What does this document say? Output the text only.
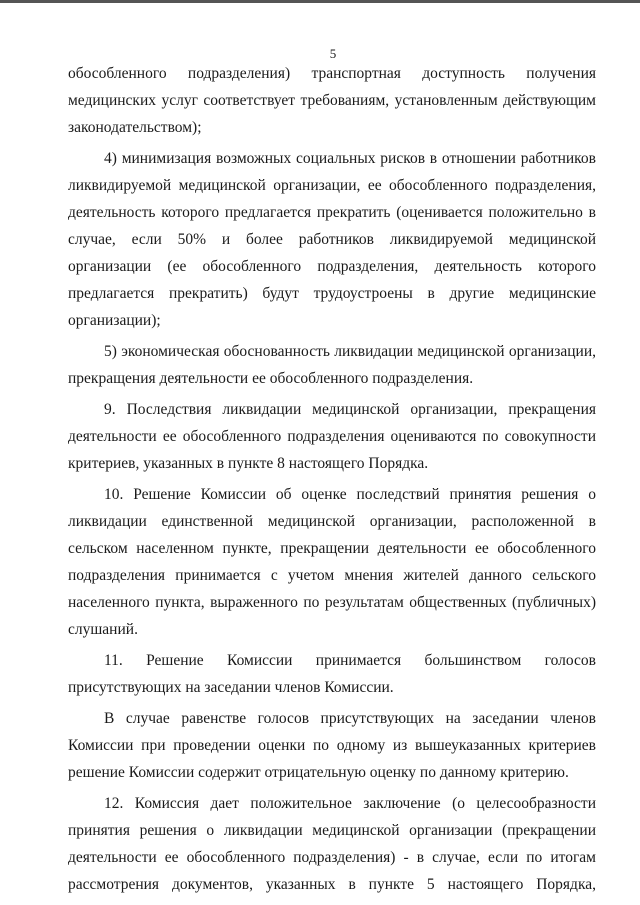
5
обособленного подразделения) транспортная доступность получения
медицинских услуг соответствует требованиям, установленным действующим
законодательством);
4) минимизация возможных социальных рисков в отношении работников
ликвидируемой медицинской организации, ее обособленного подразделения,
деятельность которого предлагается прекратить (оценивается положительно в
случае, если 50% и более работников ликвидируемой медицинской
организации (ее обособленного подразделения, деятельность которого
предлагается прекратить) будут трудоустроены в другие медицинские
организации);
5) экономическая обоснованность ликвидации медицинской организации,
прекращения деятельности ее обособленного подразделения.
9. Последствия ликвидации медицинской организации, прекращения
деятельности ее обособленного подразделения оцениваются по совокупности
критериев, указанных в пункте 8 настоящего Порядка.
10. Решение Комиссии об оценке последствий принятия решения о
ликвидации единственной медицинской организации, расположенной в
сельском населенном пункте, прекращении деятельности ее обособленного
подразделения принимается с учетом мнения жителей данного сельского
населенного пункта, выраженного по результатам общественных (публичных)
слушаний.
11. Решение Комиссии принимается большинством голосов
присутствующих на заседании членов Комиссии.
В случае равенстве голосов присутствующих на заседании членов
Комиссии при проведении оценки по одному из вышеуказанных критериев
решение Комиссии содержит отрицательную оценку по данному критерию.
12. Комиссия дает положительное заключение (о целесообразности
принятия решения о ликвидации медицинской организации (прекращении
деятельности ее обособленного подразделения) - в случае, если по итогам
рассмотрения документов, указанных в пункте 5 настоящего Порядка,
